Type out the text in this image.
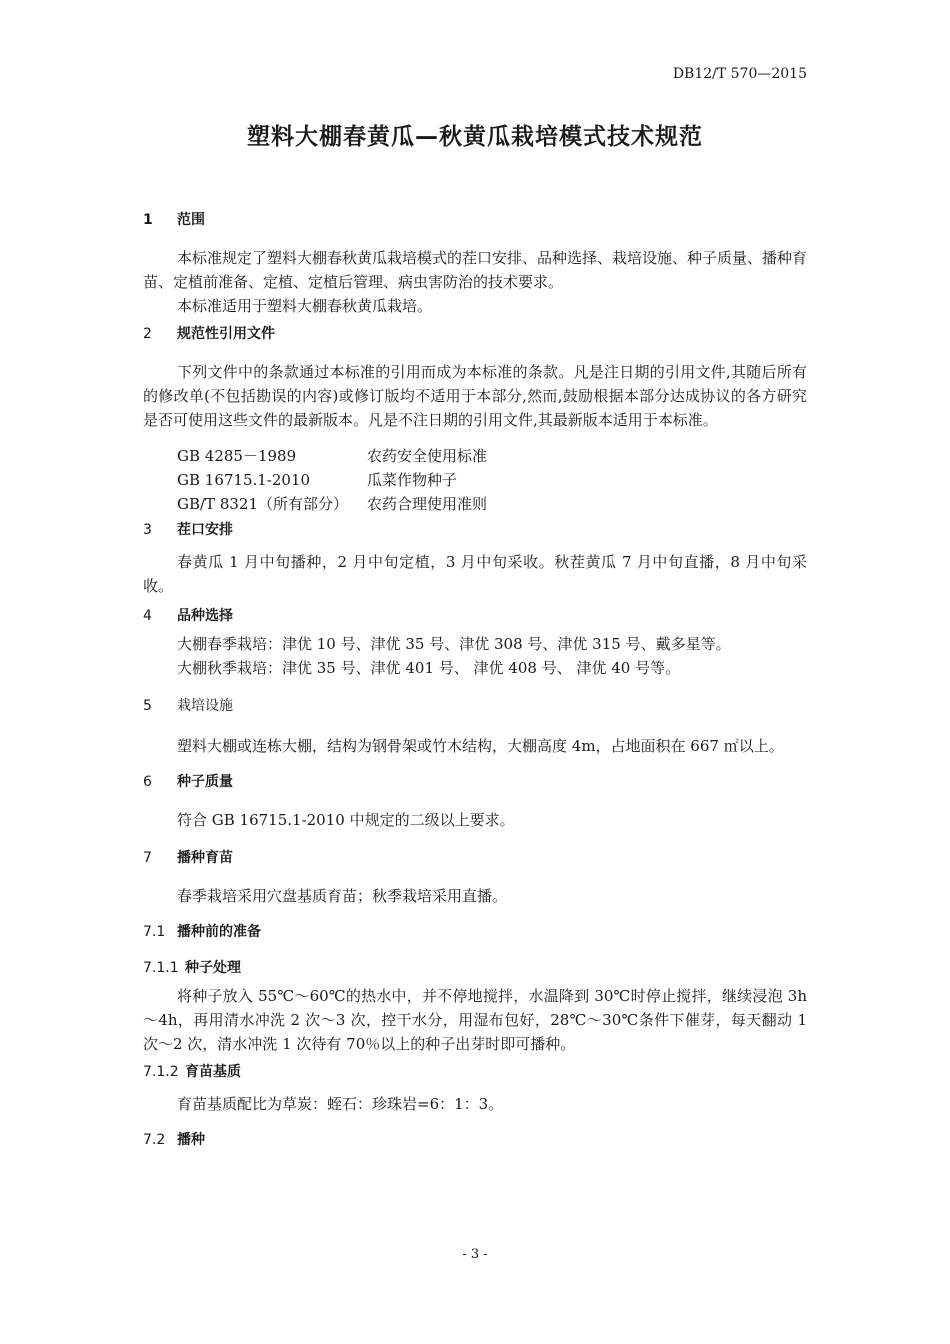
DB12/T 570—2015
塑料大棚春黄瓜—秋黄瓜栽培模式技术规范
1 范围

本标准规定了塑料大棚春秋黄瓜栽培模式的茬口安排、品种选择、栽培设施、种子质量、播种育苗、定植前准备、定植、定植后管理、病虫害防治的技术要求。

本标准适用于塑料大棚春秋黄瓜栽培。

2 规范性引用文件

下列文件中的条款通过本标准的引用而成为本标准的条款。凡是注日期的引用文件,其随后所有的修改单(不包括勘误的内容)或修订版均不适用于本部分,然而,鼓励根据本部分达成协议的各方研究是否可使用这些文件的最新版本。凡是不注日期的引用文件,其最新版本适用于本标准。

GB 4285－1989	农药安全使用标准
GB 16715.1-2010	瓜菜作物种子
GB/T 8321（所有部分）	农药合理使用准则
3 茬口安排

春黄瓜 1 月中旬播种，2 月中旬定植，3 月中旬采收。秋茬黄瓜 7 月中旬直播，8 月中旬采收。

4 品种选择

大棚春季栽培：津优 10 号、津优 35 号、津优 308 号、津优 315 号、戴多星等。

大棚秋季栽培：津优 35 号、津优 401 号、 津优 408 号、 津优 40 号等。

5 栽培设施

塑料大棚或连栋大棚，结构为钢骨架或竹木结构，大棚高度 4m，占地面积在 667 ㎡以上。

6 种子质量

符合 GB 16715.1-2010 中规定的二级以上要求。

7 播种育苗

春季栽培采用穴盘基质育苗；秋季栽培采用直播。

7.1 播种前的准备
7.1.1 种子处理

将种子放入 55℃～60℃的热水中，并不停地搅拌，水温降到 30℃时停止搅拌，继续浸泡 3h～4h，再用清水冲洗 2 次～3 次，控干水分，用湿布包好，28℃～30℃条件下催芽，每天翻动 1 次～2 次，清水冲洗 1 次待有 70％以上的种子出芽时即可播种。

7.1.2 育苗基质

育苗基质配比为草炭：蛭石：珍珠岩=6：1：3。

7.2 播种
- 3 -
